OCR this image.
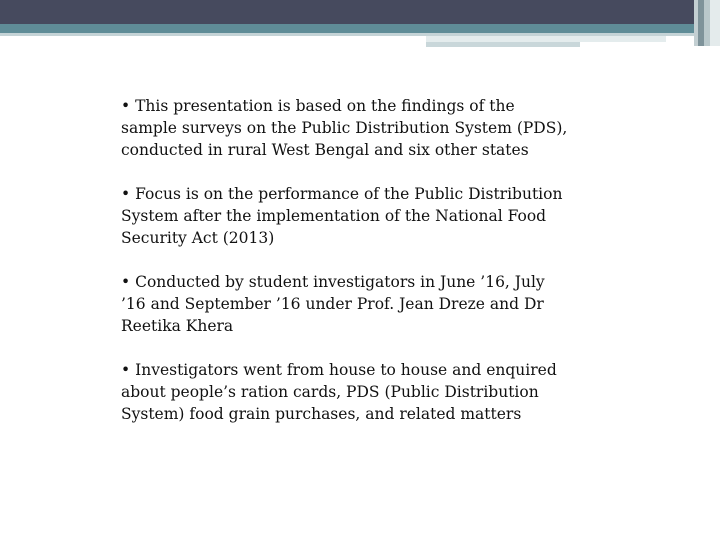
• This presentation is based on the findings of the sample surveys on the Public Distribution System (PDS), conducted in rural West Bengal and six other states

• Focus is on the performance of the Public Distribution System after the implementation of the National Food Security Act (2013)

• Conducted by student investigators in June ’16, July ’16 and September ’16 under Prof. Jean Dreze and Dr Reetika Khera

• Investigators went from house to house and enquired about people’s ration cards, PDS (Public Distribution System) food grain purchases, and related matters
